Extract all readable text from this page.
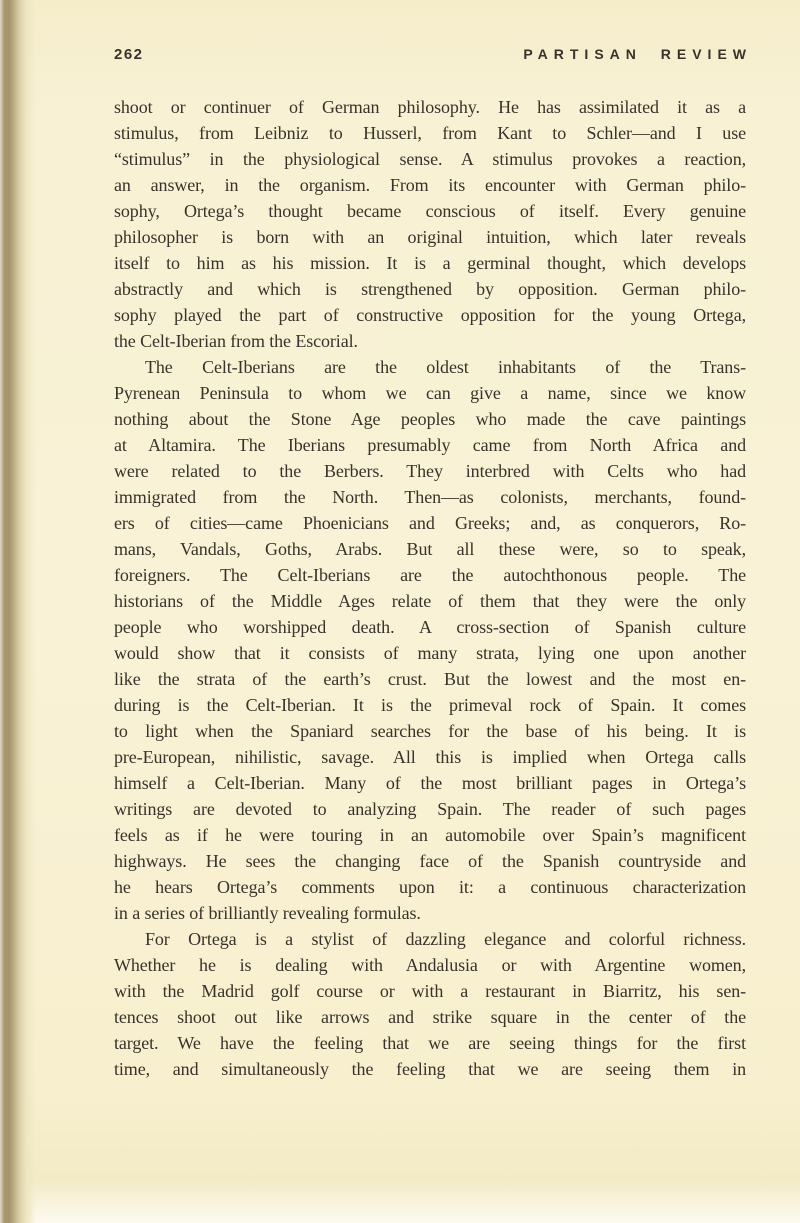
262	PARTISAN REVIEW
shoot or continuer of German philosophy. He has assimilated it as a
stimulus, from Leibniz to Husserl, from Kant to Schler—and I use
“stimulus” in the physiological sense. A stimulus provokes a reaction,
an answer, in the organism. From its encounter with German philo-
sophy, Ortega’s thought became conscious of itself. Every genuine
philosopher is born with an original intuition, which later reveals
itself to him as his mission. It is a germinal thought, which develops
abstractly and which is strengthened by opposition. German philo-
sophy played the part of constructive opposition for the young Ortega,
the Celt-Iberian from the Escorial.
The Celt-Iberians are the oldest inhabitants of the Trans-
Pyrenean Peninsula to whom we can give a name, since we know
nothing about the Stone Age peoples who made the cave paintings
at Altamira. The Iberians presumably came from North Africa and
were related to the Berbers. They interbred with Celts who had
immigrated from the North. Then—as colonists, merchants, found-
ers of cities—came Phoenicians and Greeks; and, as conquerors, Ro-
mans, Vandals, Goths, Arabs. But all these were, so to speak,
foreigners. The Celt-Iberians are the autochthonous people. The
historians of the Middle Ages relate of them that they were the only
people who worshipped death. A cross-section of Spanish culture
would show that it consists of many strata, lying one upon another
like the strata of the earth’s crust. But the lowest and the most en-
during is the Celt-Iberian. It is the primeval rock of Spain. It comes
to light when the Spaniard searches for the base of his being. It is
pre-European, nihilistic, savage. All this is implied when Ortega calls
himself a Celt-Iberian. Many of the most brilliant pages in Ortega’s
writings are devoted to analyzing Spain. The reader of such pages
feels as if he were touring in an automobile over Spain’s magnificent
highways. He sees the changing face of the Spanish countryside and
he hears Ortega’s comments upon it: a continuous characterization
in a series of brilliantly revealing formulas.
For Ortega is a stylist of dazzling elegance and colorful richness.
Whether he is dealing with Andalusia or with Argentine women,
with the Madrid golf course or with a restaurant in Biarritz, his sen-
tences shoot out like arrows and strike square in the center of the
target. We have the feeling that we are seeing things for the first
time, and simultaneously the feeling that we are seeing them in
